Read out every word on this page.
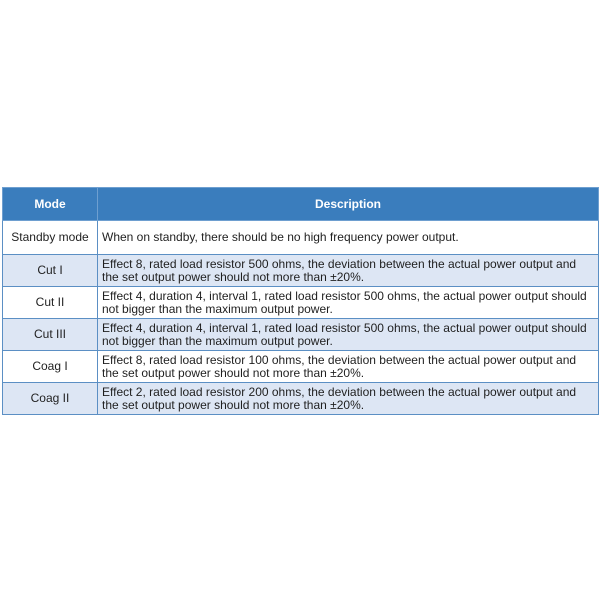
Mode	Description
Standby mode	When on standby, there should be no high frequency power output.
Cut I	Effect 8, rated load resistor 500 ohms, the deviation between the actual power output and the set output power should not more than ±20%.
Cut II	Effect 4, duration 4, interval 1, rated load resistor 500 ohms, the actual power output should not bigger than the maximum output power.
Cut III	Effect 4, duration 4, interval 1, rated load resistor 500 ohms, the actual power output should not bigger than the maximum output power.
Coag I	Effect 8, rated load resistor 100 ohms, the deviation between the actual power output and the set output power should not more than ±20%.
Coag II	Effect 2, rated load resistor 200 ohms, the deviation between the actual power output and the set output power should not more than ±20%.
